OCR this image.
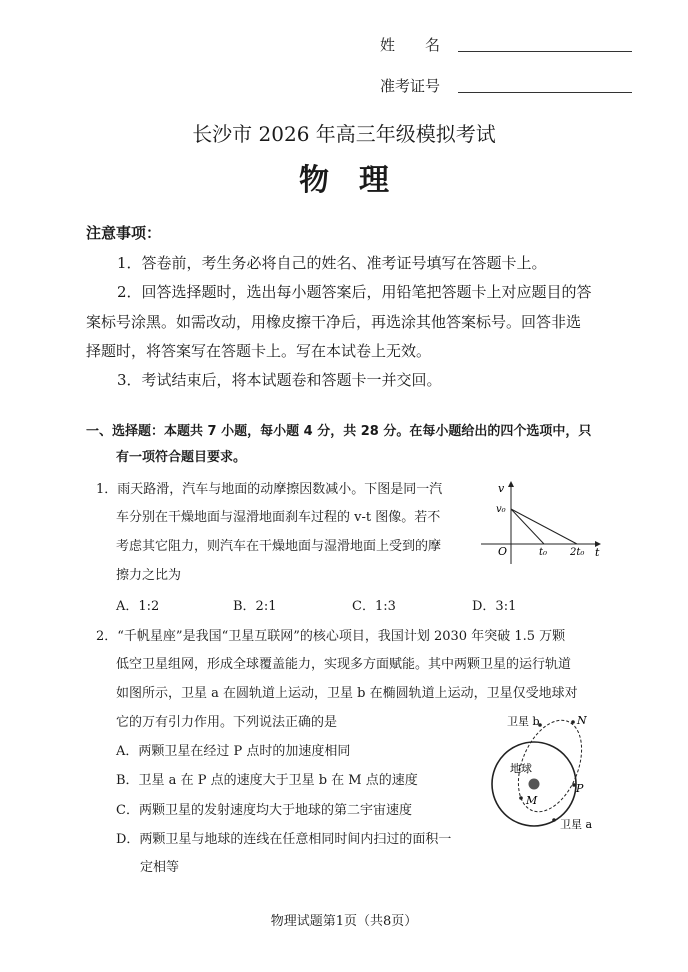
姓　　名
准考证号
长沙市 2026 年高三年级模拟考试
物　理
注意事项：
1．答卷前，考生务必将自己的姓名、准考证号填写在答题卡上。
2．回答选择题时，选出每小题答案后，用铅笔把答题卡上对应题目的答
案标号涂黑。如需改动，用橡皮擦干净后，再选涂其他答案标号。回答非选
择题时，将答案写在答题卡上。写在本试卷上无效。
3．考试结束后，将本试题卷和答题卡一并交回。
一、选择题：本题共 7 小题，每小题 4 分，共 28 分。在每小题给出的四个选项中，只
有一项符合题目要求。
1．雨天路滑，汽车与地面的动摩擦因数减小。下图是同一汽
车分别在干燥地面与湿滑地面刹车过程的 v-t 图像。若不
考虑其它阻力，则汽车在干燥地面与湿滑地面上受到的摩
擦力之比为
A．1:2	B．2:1	C．1:3	D．3:1
v
t
O
v₀
t₀ 2t₀
2．“千帆星座”是我国“卫星互联网”的核心项目，我国计划 2030 年突破 1.5 万颗
低空卫星组网，形成全球覆盖能力，实现多方面赋能。其中两颗卫星的运行轨道
如图所示，卫星 a 在圆轨道上运动，卫星 b 在椭圆轨道上运动，卫星仅受地球对
它的万有引力作用。下列说法正确的是
A．两颗卫星在经过 P 点时的加速度相同
B．卫星 a 在 P 点的速度大于卫星 b 在 M 点的速度
C．两颗卫星的发射速度均大于地球的第二宇宙速度
D．两颗卫星与地球的连线在任意相同时间内扫过的面积一
定相等
卫星 b	N
地球
P
M
卫星 a
物理试题第1页（共8页）
